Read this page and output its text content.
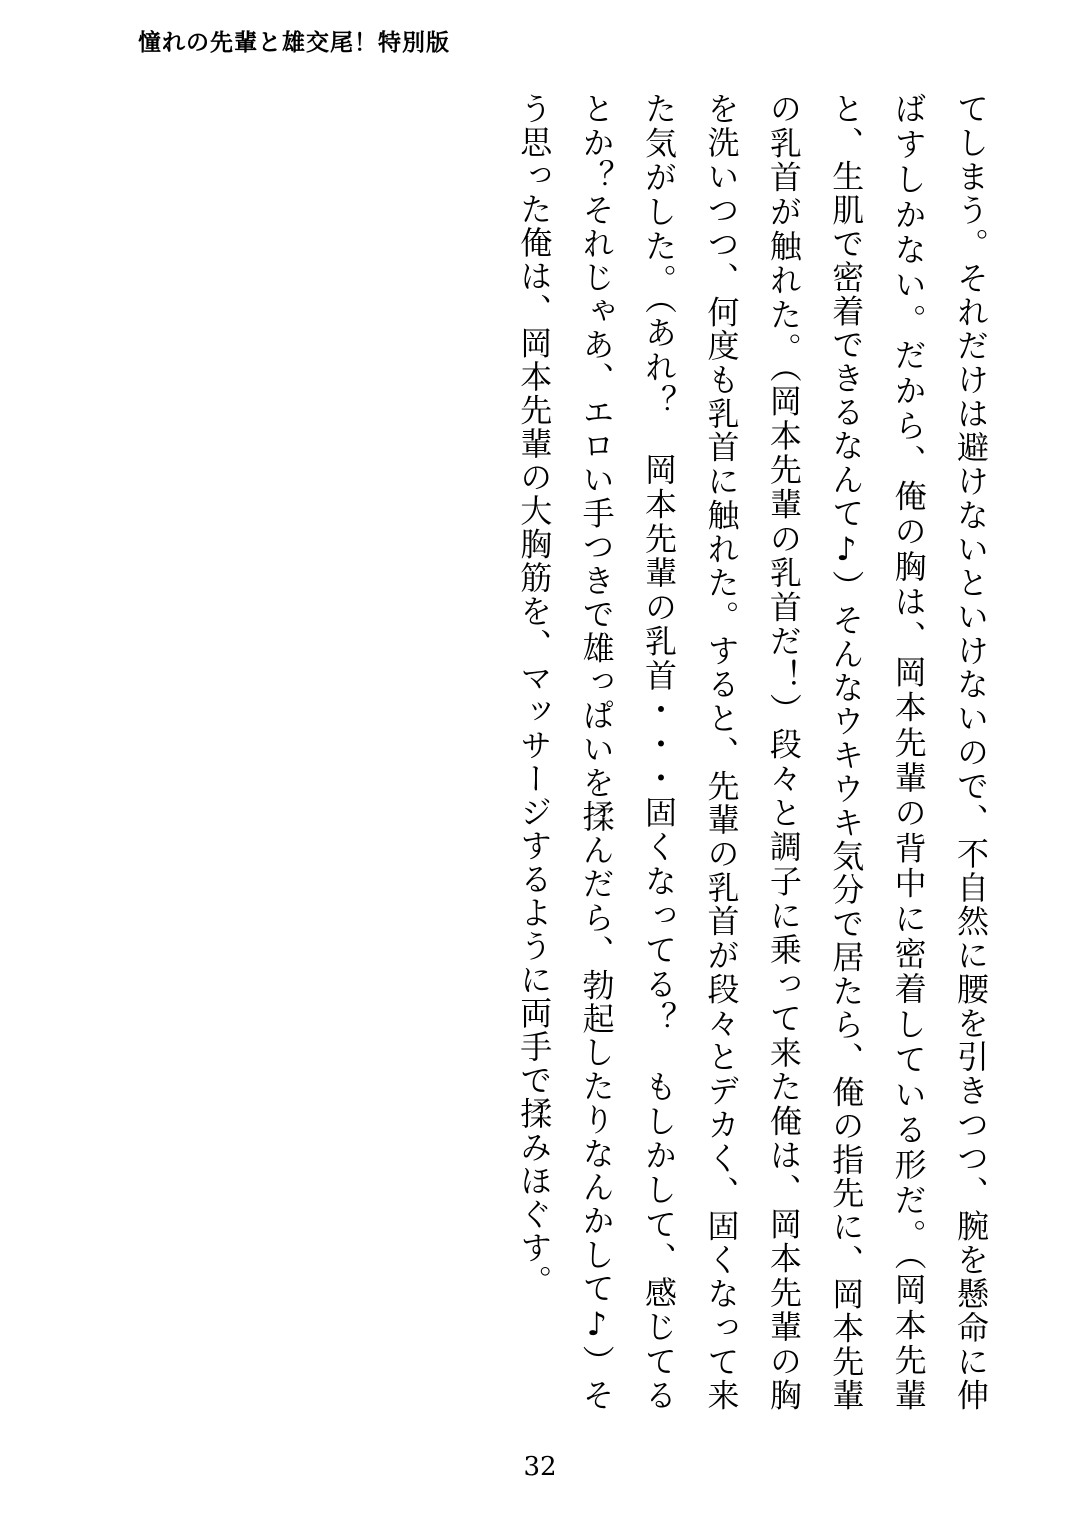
憧れの先輩と雄交尾！特別版

てしまう。それだけは避けないといけないので、不自然に腰を引きつつ、腕を懸命に伸ばすしかない。だから、俺の胸は、岡本先輩の背中に密着している形だ。（岡本先輩と、生肌で密着できるなんて♪）そんなウキウキ気分で居たら、俺の指先に、岡本先輩の乳首が触れた。（岡本先輩の乳首だ！）段々と調子に乗って来た俺は、岡本先輩の胸を洗いつつ、何度も乳首に触れた。すると、先輩の乳首が段々とデカく、固くなって来た気がした。（あれ？　岡本先輩の乳首・・・固くなってる？　もしかして、感じてるとか？それじゃあ、エロい手つきで雄っぱいを揉んだら、勃起したりなんかして♪）そう思った俺は、岡本先輩の大胸筋を、マッサージするように両手で揉みほぐす。

32
